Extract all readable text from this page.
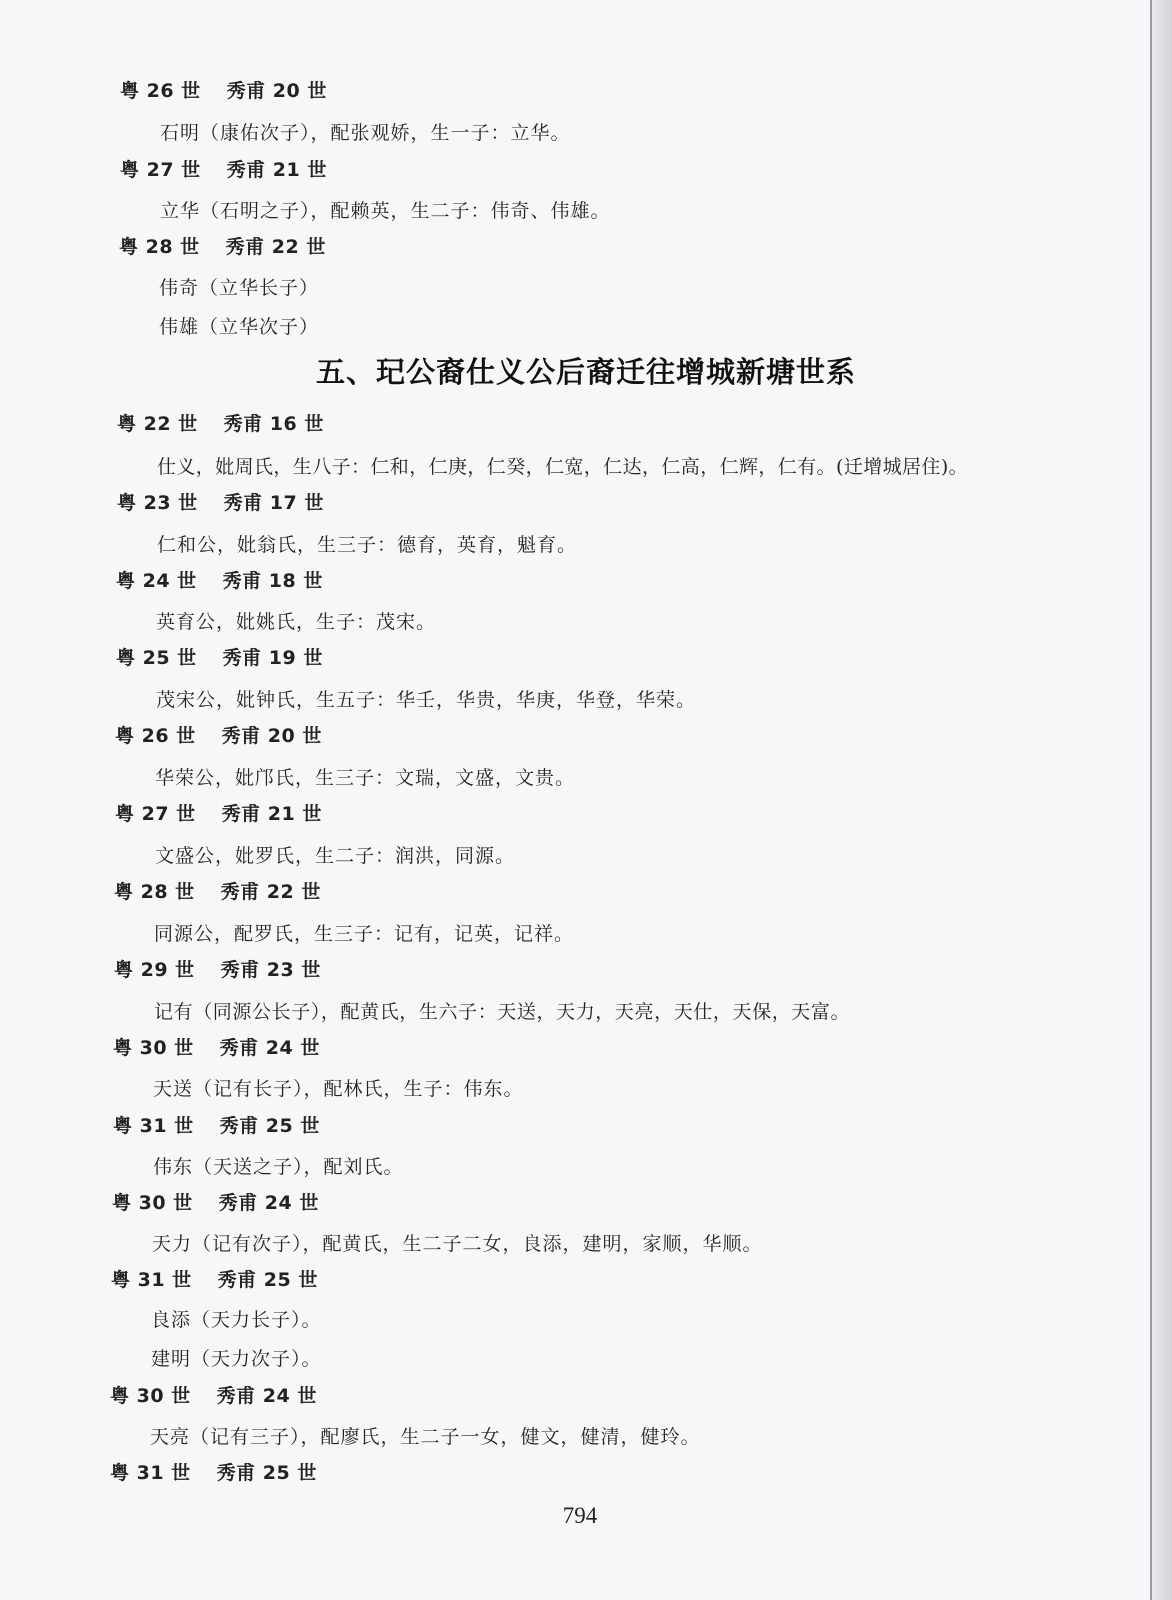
粤 26 世 秀甫 20 世
石明（康佑次子），配张观娇，生一子：立华。
粤 27 世 秀甫 21 世
立华（石明之子），配赖英，生二子：伟奇、伟雄。
粤 28 世 秀甫 22 世
伟奇（立华长子）
伟雄（立华次子）
五、玘公裔仕义公后裔迁往增城新塘世系
粤 22 世 秀甫 16 世
仕义，妣周氏，生八子：仁和，仁庚，仁癸，仁宽，仁达，仁高，仁辉，仁有。(迁增城居住)。
粤 23 世 秀甫 17 世
仁和公，妣翁氏，生三子：德育，英育，魁育。
粤 24 世 秀甫 18 世
英育公，妣姚氏，生子：茂宋。
粤 25 世 秀甫 19 世
茂宋公，妣钟氏，生五子：华壬，华贵，华庚，华登，华荣。
粤 26 世 秀甫 20 世
华荣公，妣邝氏，生三子：文瑞，文盛，文贵。
粤 27 世 秀甫 21 世
文盛公，妣罗氏，生二子：润洪，同源。
粤 28 世 秀甫 22 世
同源公，配罗氏，生三子：记有，记英，记祥。
粤 29 世 秀甫 23 世
记有（同源公长子），配黄氏，生六子：天送，天力，天亮，天仕，天保，天富。
粤 30 世 秀甫 24 世
天送（记有长子），配林氏，生子：伟东。
粤 31 世 秀甫 25 世
伟东（天送之子），配刘氏。
粤 30 世 秀甫 24 世
天力（记有次子），配黄氏，生二子二女，良添，建明，家顺，华顺。
粤 31 世 秀甫 25 世
良添（天力长子）。
建明（天力次子）。
粤 30 世 秀甫 24 世
天亮（记有三子），配廖氏，生二子一女，健文，健清，健玲。
粤 31 世 秀甫 25 世
794
